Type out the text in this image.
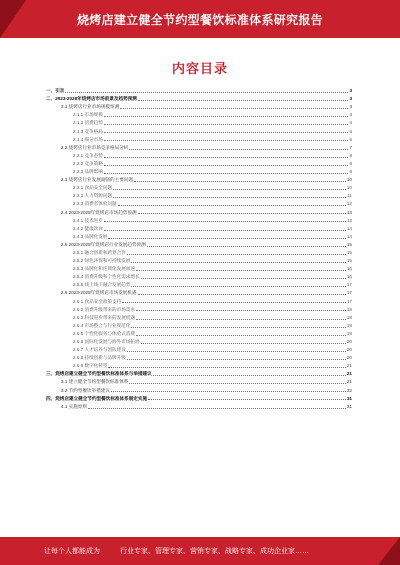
烧烤店建立健全节约型餐饮标准体系研究报告
内容目录
一、引言	3
二、2023-2028年烧烤店市场前景及趋势预测	3
2.1 烧烤店行业市场规模预测	3
2.1.1 市场规模	3
2.1.2 消费趋势	4
2.1.3 竞争格局	5
2.1.4 细分市场	6
2.2 烧烤店行业市场竞争格局分析	7
2.2.1 竞争态势	8
2.2.2 竞争策略	9
2.2.3 品牌影响	9
2.3 烧烤店行业发展面临的主要问题	10
2.3.1 食品安全问题	10
2.3.2 人力资源问题	11
2.3.3 消费者体验问题	12
2.4 2023-2028年烧烤店市场趋势预测	13
2.4.1 技术进步	13
2.4.2 健康饮食	14
2.4.3 品牌化发展	14
2.5 2023-2028年烧烤店行业发展趋势预测	15
2.5.1 融合创新和跨界合作	15
2.5.2 绿色环保和可持续发展	15
2.5.3 品牌化和连锁化发展加速	16
2.5.4 消费升级和个性化需求增长	16
2.5.5 线上线下融合发展趋势	17
2.6 2023-2028年烧烤店市场发展机遇	17
2.6.1 食品安全政策支持	17
2.6.2 消费升级带来的市场需求	18
2.6.3 科技进步带来的发展机遇	18
2.6.4 市场整合与行业规范化	19
2.6.5 个性化服务与体验式消费	19
2.6.6 国际化发展与海外市场拓展	20
2.6.7 人才培养与团队建设	20
2.6.8 持续创新与品牌升级	20
2.6.9 数字化转型	21
三、烧烤店建立健全节约型餐饮标准体系与举措建议	21
3.1 建立健全节约型餐饮标准体系	21
3.2 节约型餐饮举措建议	22
四、烧烤店建立健全节约型餐饮标准体系制定实施	31
4.1 实施原则	31
让每个人都能成为	行业专家、管理专家、营销专家、战略专家、成功企业家……
